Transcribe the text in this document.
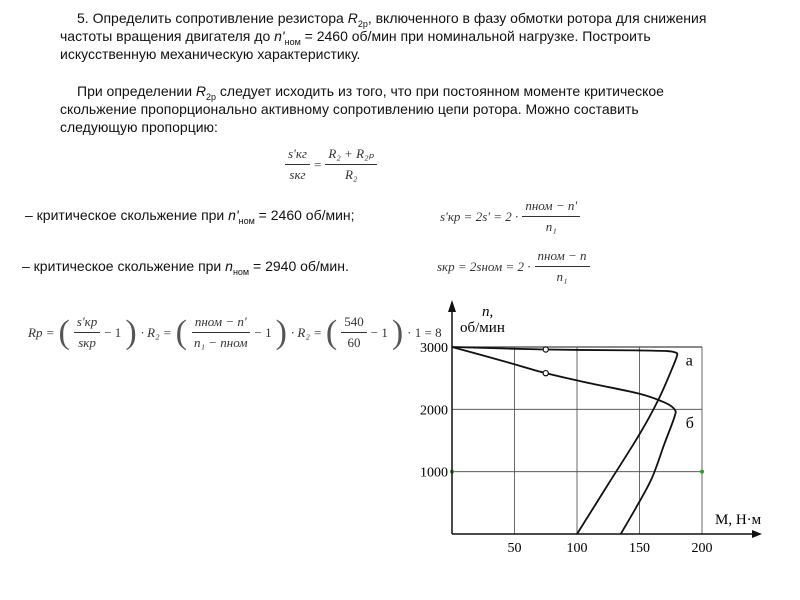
5. Определить сопротивление резистора $R_{2р}$, включенного в фазу обмотки ротора для снижения частоты вращения двигателя до $n'_{ном} = 2460$ об/мин при номинальной нагрузке. Построить искусственную механическую характеристику.
При определении $R_{2р}$ следует исходить из того, что при постоянном моменте критическое скольжение пропорционально активному сопротивлению цепи ротора. Можно составить следующую пропорцию:
$\frac{s'кг}{\text{sкг}} = \frac{\text{R₂ + R₂ₚ}}{\text{R₂}}$
– критическое скольжение при $n'_{ном} = 2460$ об/мин;	$s'кр = 2s' = 2 \cdot \frac{\text{nном − n'}}{\text{n₁}}$
– критическое скольжение при $n_{ном} = 2940$ об/мин.	sкр = 2sном = $2 \cdot \frac{\text{nном − n}}{\text{n₁}}$
Rр = ( $\frac{s'кр}{\text{sкр}} - 1$ ) · R₂ = ( $\frac{\text{nном − n'}}{\text{n₁ − nном}} - 1$ ) · R₂ = ( $\frac{540}{60} - 1$ ) · 1 = 8
n,
об/мин
M, Н·м
50	100	150	200
1000
2000
3000
а
б
